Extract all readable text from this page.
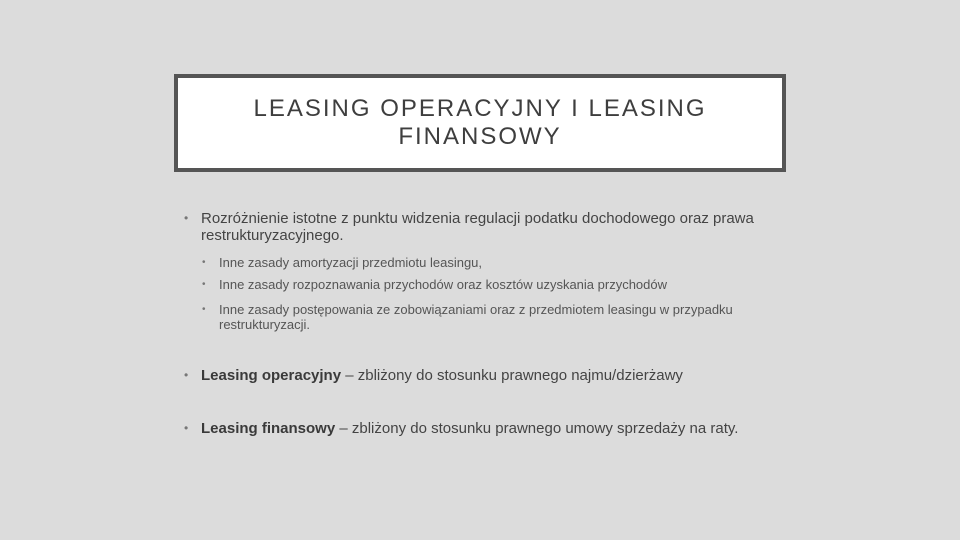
LEASING OPERACYJNY I LEASING FINANSOWY
• Rozróżnienie istotne z punktu widzenia regulacji podatku dochodowego oraz prawa restrukturyzacyjnego.
• Inne zasady amortyzacji przedmiotu leasingu,
• Inne zasady rozpoznawania przychodów oraz kosztów uzyskania przychodów
• Inne zasady postępowania ze zobowiązaniami oraz z przedmiotem leasingu w przypadku restrukturyzacji.
• Leasing operacyjny – zbliżony do stosunku prawnego najmu/dzierżawy
• Leasing finansowy – zbliżony do stosunku prawnego umowy sprzedaży na raty.
